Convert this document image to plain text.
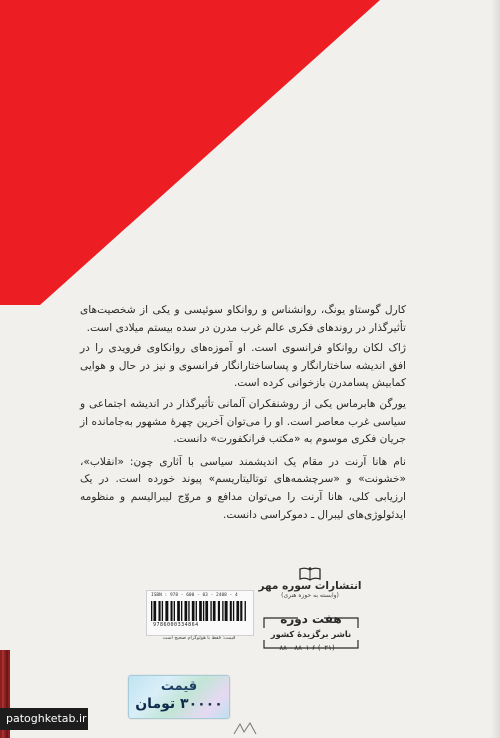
کارل گوستاو یونگ، روانشناس و روانکاو سوئیسی و یکی از شخصیت‌های تأثیرگذار در روندهای فکری عالم غرب مدرن در سده بیستم میلادی است.

ژاک لکان روانکاو فرانسوی است. او آموزه‌های روانکاوی فرویدی را در افق اندیشه ساختارانگار و پساساختارانگار فرانسوی و نیز در حال و هوایی کمابیش پسامدرن بازخوانی کرده است.

یورگن هابرماس یکی از روشنفکران آلمانی تأثیرگذار در اندیشه اجتماعی و سیاسی غرب معاصر است. او را می‌توان آخرین چهرهٔ مشهور به‌جامانده از جریان فکری موسوم به «مکتب فرانکفورت» دانست.

نام هانا آرنت در مقام یک اندیشمند سیاسی با آثاری چون: «انقلاب»، «خشونت» و «سرچشمه‌های توتالیتاریسم» پیوند خورده است. در یک ارزیابی کلی، هانا آرنت را می‌توان مدافع و مروّج لیبرالیسم و منظومه ایدئولوژی‌های لیبرال ـ دموکراسی دانست.

ISBN : 978 - 600 - 03 - 2408 - 4
9786000334864
قیمت: فقط با هولوگرام صحیح است
انتشارات سوره مهر
(وابسته به حوزه هنری)
هفت دوره
ناشر برگزیدهٔ کشور
(۰۲۱) ۸۸۰۰۸۸۰۱-۶
قیمت
۳۰۰۰۰ تومان
patoghketab.ir
